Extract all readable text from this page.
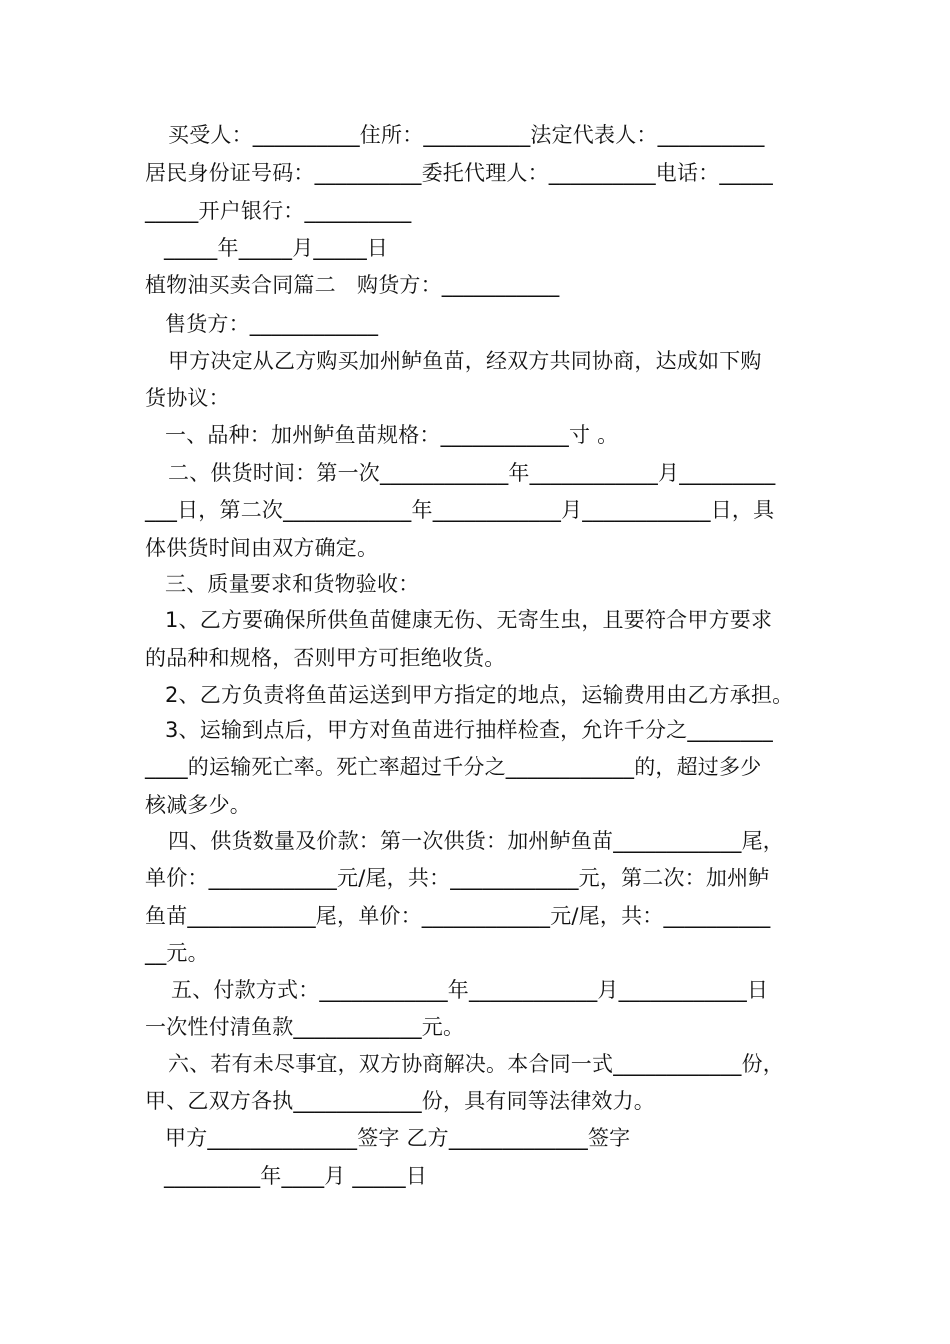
买受人：__________住所：__________法定代表人：__________
居民身份证号码：__________委托代理人：__________电话：_____
_____开户银行：__________
_____年_____月_____日
植物油买卖合同篇二　购货方：___________
售货方：____________
甲方决定从乙方购买加州鲈鱼苗，经双方共同协商，达成如下购
货协议：
一、品种：加州鲈鱼苗规格：____________寸 。
二、供货时间：第一次____________年____________月_________
___日，第二次____________年____________月____________日，具
体供货时间由双方确定。
三、质量要求和货物验收：
1、乙方要确保所供鱼苗健康无伤、无寄生虫，且要符合甲方要求
的品种和规格，否则甲方可拒绝收货。
2、乙方负责将鱼苗运送到甲方指定的地点，运输费用由乙方承担。
3、运输到点后，甲方对鱼苗进行抽样检查，允许千分之________
____的运输死亡率。死亡率超过千分之____________的，超过多少
核减多少。
四、供货数量及价款：第一次供货：加州鲈鱼苗____________尾，
单价：____________元/尾，共：____________元，第二次：加州鲈
鱼苗____________尾，单价：____________元/尾，共：__________
__元。
五、付款方式：____________年____________月____________日
一次性付清鱼款____________元。
六、若有未尽事宜，双方协商解决。本合同一式____________份，
甲、乙双方各执____________份，具有同等法律效力。
甲方______________签字 乙方_____________签字
_________年____月 _____日
